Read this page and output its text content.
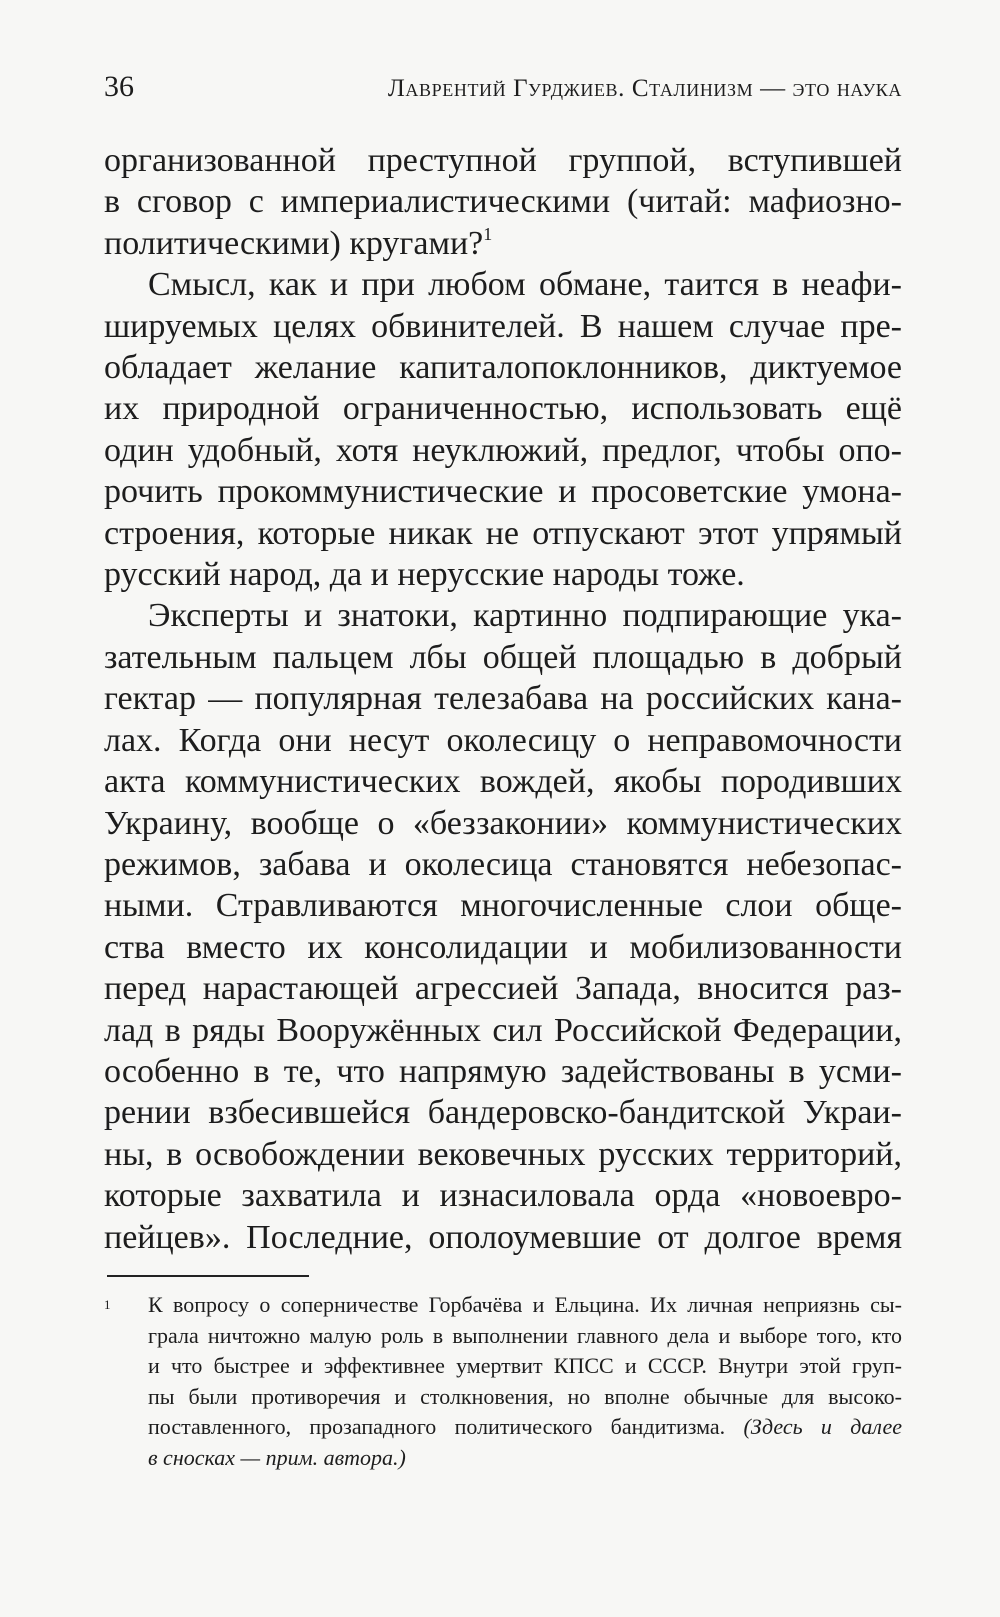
36	Лаврентий Гурджиев. Сталинизм — это наука
организованной преступной группой, вступившей
в сговор с империалистическими (читай: мафиозно-
политическими) кругами?$^1$
Смысл, как и при любом обмане, таится в неафи-
шируемых целях обвинителей. В нашем случае пре-
обладает желание капиталопоклонников, диктуемое
их природной ограниченностью, использовать ещё
один удобный, хотя неуклюжий, предлог, чтобы опо-
рочить прокоммунистические и просоветские умона-
строения, которые никак не отпускают этот упрямый
русский народ, да и нерусские народы тоже.
Эксперты и знатоки, картинно подпирающие ука-
зательным пальцем лбы общей площадью в добрый
гектар — популярная телезабава на российских кана-
лах. Когда они несут околесицу о неправомочности
акта коммунистических вождей, якобы породивших
Украину, вообще о «беззаконии» коммунистических
режимов, забава и околесица становятся небезопас-
ными. Стравливаются многочисленные слои обще-
ства вместо их консолидации и мобилизованности
перед нарастающей агрессией Запада, вносится раз-
лад в ряды Вооружённых сил Российской Федерации,
особенно в те, что напрямую задействованы в усми-
рении взбесившейся бандеровско-бандитской Украи-
ны, в освобождении вековечных русских территорий,
которые захватила и изнасиловала орда «новоевро-
пейцев». Последние, ополоумевшие от долгое время
1 К вопросу о соперничестве Горбачёва и Ельцина. Их личная неприязнь сы-
грала ничтожно малую роль в выполнении главного дела и выборе того, кто
и что быстрее и эффективнее умертвит КПСС и СССР. Внутри этой груп-
пы были противоречия и столкновения, но вполне обычные для высоко-
поставленного, прозападного политического бандитизма. (Здесь и далее
в сносках — прим. автора.)
